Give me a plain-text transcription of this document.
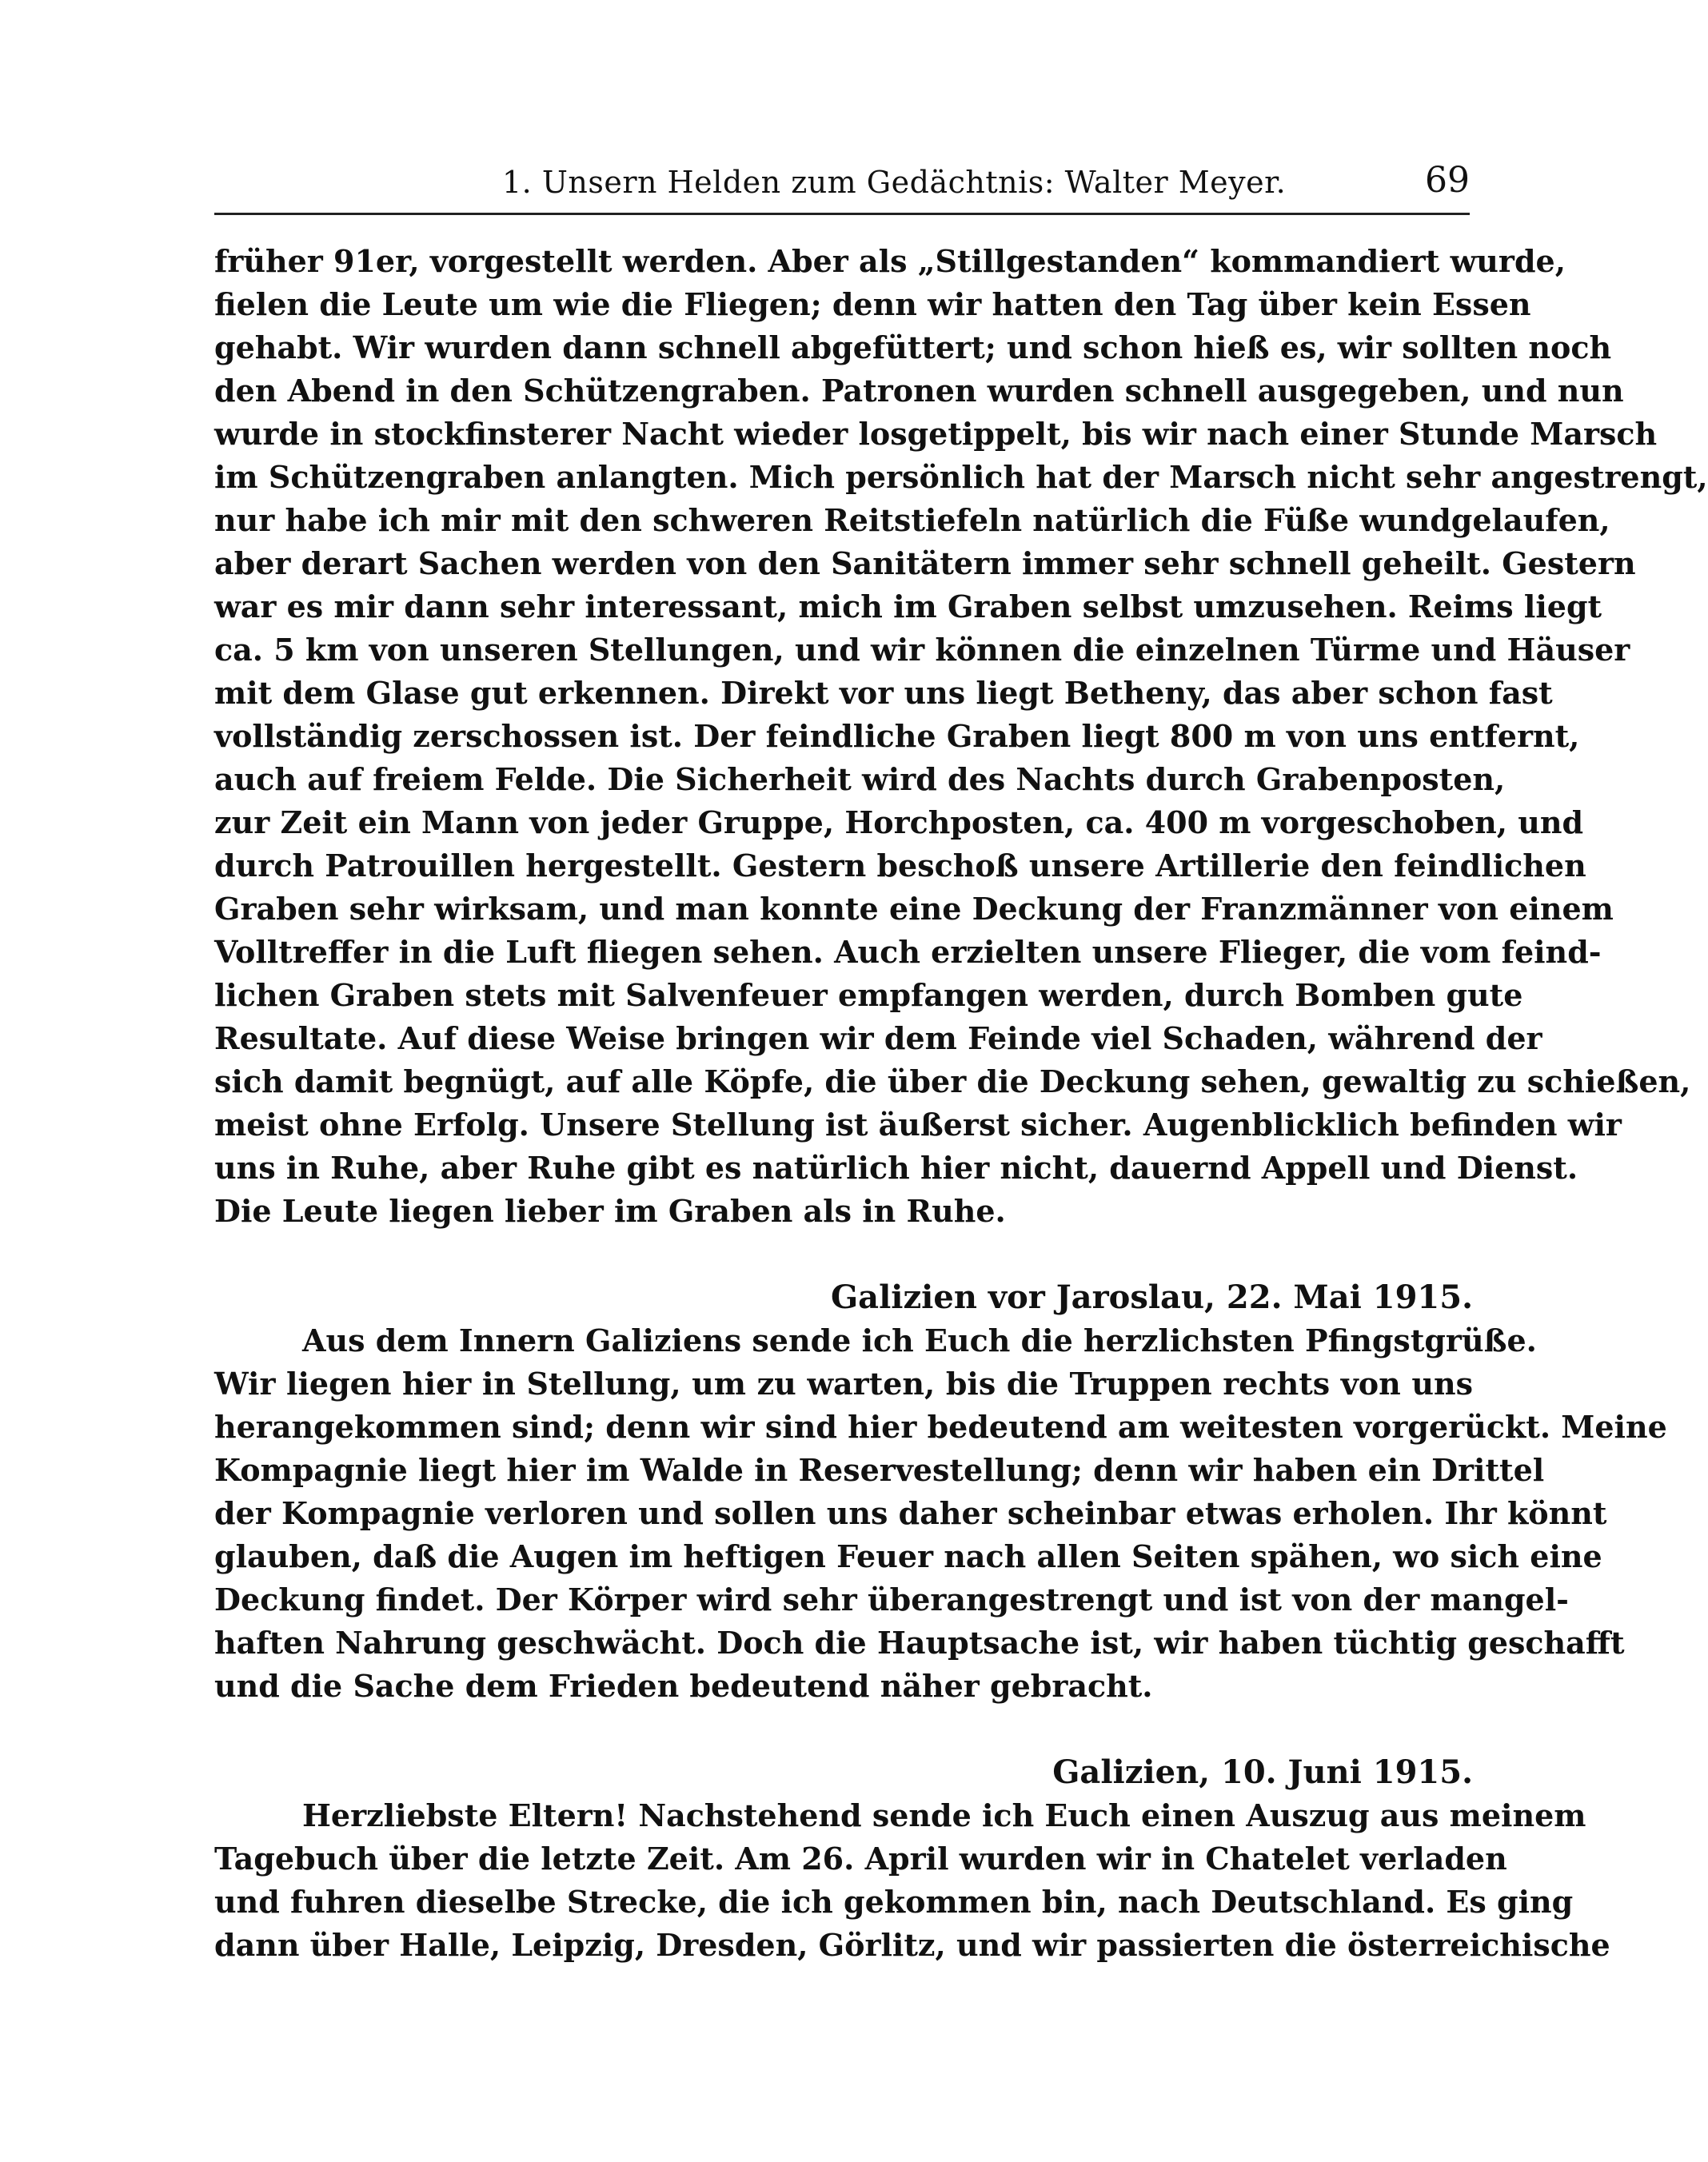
1. Unsern Helden zum Gedächtnis: Walter Meyer.	69
früher 91er, vorgestellt werden. Aber als „Stillgestanden“ kommandiert wurde,
fielen die Leute um wie die Fliegen; denn wir hatten den Tag über kein Essen
gehabt. Wir wurden dann schnell abgefüttert; und schon hieß es, wir sollten noch
den Abend in den Schützengraben. Patronen wurden schnell ausgegeben, und nun
wurde in stockfinsterer Nacht wieder losgetippelt, bis wir nach einer Stunde Marsch
im Schützengraben anlangten. Mich persönlich hat der Marsch nicht sehr angestrengt,
nur habe ich mir mit den schweren Reitstiefeln natürlich die Füße wundgelaufen,
aber derart Sachen werden von den Sanitätern immer sehr schnell geheilt. Gestern
war es mir dann sehr interessant, mich im Graben selbst umzusehen. Reims liegt
ca. 5 km von unseren Stellungen, und wir können die einzelnen Türme und Häuser
mit dem Glase gut erkennen. Direkt vor uns liegt Betheny, das aber schon fast
vollständig zerschossen ist. Der feindliche Graben liegt 800 m von uns entfernt,
auch auf freiem Felde. Die Sicherheit wird des Nachts durch Grabenposten,
zur Zeit ein Mann von jeder Gruppe, Horchposten, ca. 400 m vorgeschoben, und
durch Patrouillen hergestellt. Gestern beschoß unsere Artillerie den feindlichen
Graben sehr wirksam, und man konnte eine Deckung der Franzmänner von einem
Volltreffer in die Luft fliegen sehen. Auch erzielten unsere Flieger, die vom feind-
lichen Graben stets mit Salvenfeuer empfangen werden, durch Bomben gute
Resultate. Auf diese Weise bringen wir dem Feinde viel Schaden, während der
sich damit begnügt, auf alle Köpfe, die über die Deckung sehen, gewaltig zu schießen,
meist ohne Erfolg. Unsere Stellung ist äußerst sicher. Augenblicklich befinden wir
uns in Ruhe, aber Ruhe gibt es natürlich hier nicht, dauernd Appell und Dienst.
Die Leute liegen lieber im Graben als in Ruhe.
Galizien vor Jaroslau, 22. Mai 1915.
Aus dem Innern Galiziens sende ich Euch die herzlichsten Pfingstgrüße.
Wir liegen hier in Stellung, um zu warten, bis die Truppen rechts von uns
herangekommen sind; denn wir sind hier bedeutend am weitesten vorgerückt. Meine
Kompagnie liegt hier im Walde in Reservestellung; denn wir haben ein Drittel
der Kompagnie verloren und sollen uns daher scheinbar etwas erholen. Ihr könnt
glauben, daß die Augen im heftigen Feuer nach allen Seiten spähen, wo sich eine
Deckung findet. Der Körper wird sehr überangestrengt und ist von der mangel-
haften Nahrung geschwächt. Doch die Hauptsache ist, wir haben tüchtig geschafft
und die Sache dem Frieden bedeutend näher gebracht.
Galizien, 10. Juni 1915.
Herzliebste Eltern! Nachstehend sende ich Euch einen Auszug aus meinem
Tagebuch über die letzte Zeit. Am 26. April wurden wir in Chatelet verladen
und fuhren dieselbe Strecke, die ich gekommen bin, nach Deutschland. Es ging
dann über Halle, Leipzig, Dresden, Görlitz, und wir passierten die österreichische
